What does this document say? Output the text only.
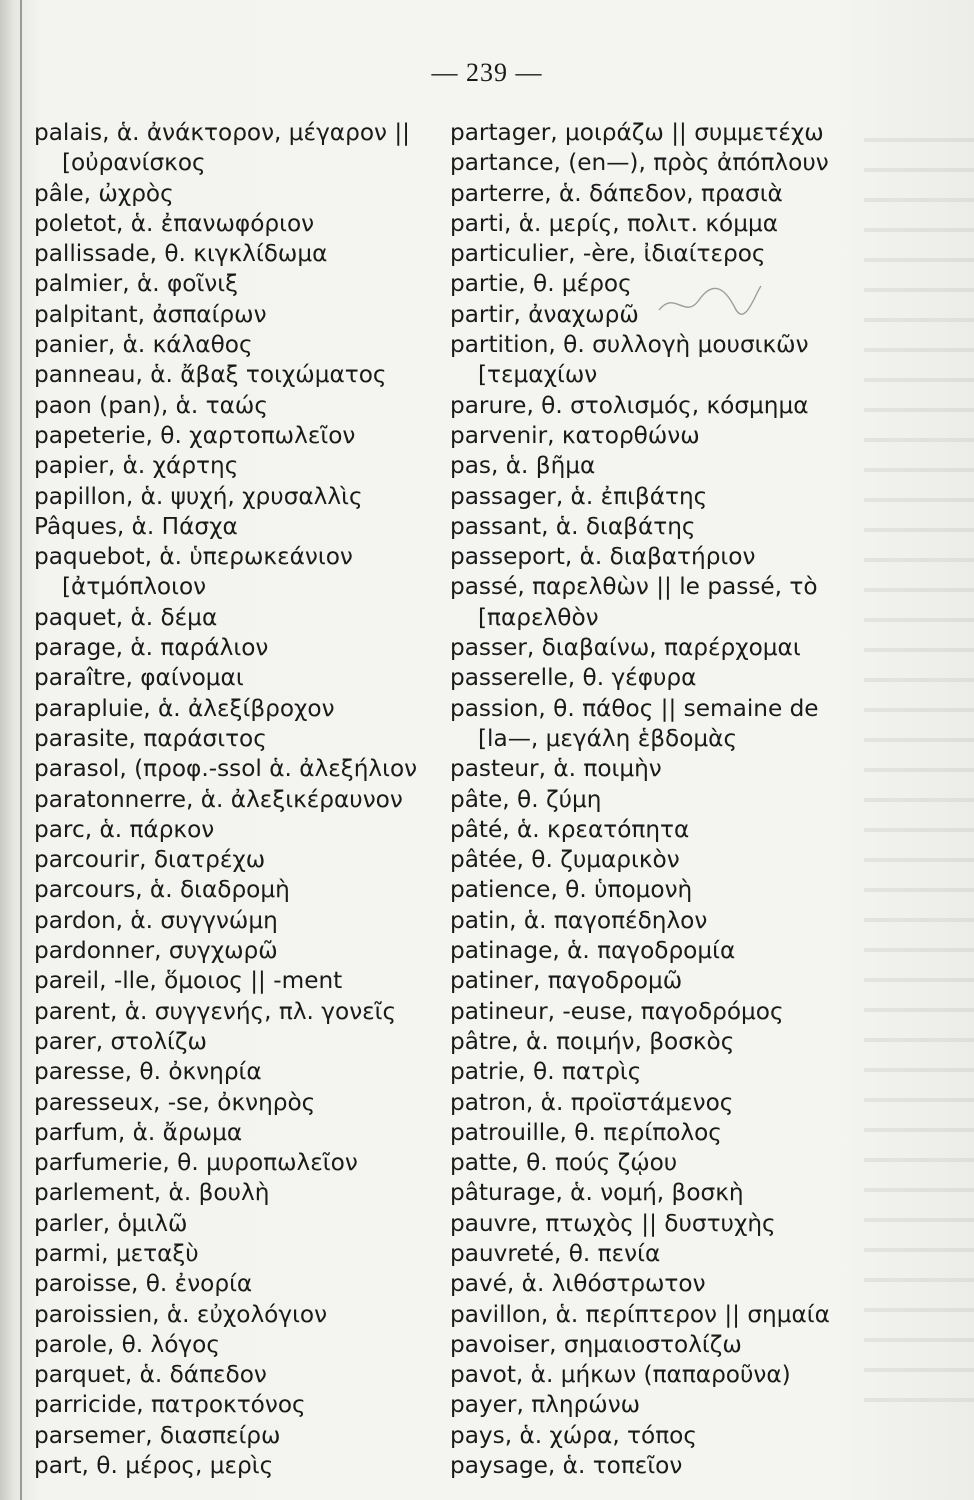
— 239 —
palais, ἁ. ἀνάκτορον, μέγαρον ||
[οὐρανίσκος
pâle, ὠχρὸς
poletot, ἁ. ἐπανωφόριον
pallissade, θ. κιγκλίδωμα
palmier, ἁ. φοῖνιξ
palpitant, ἀσπαίρων
panier, ἁ. κάλαθος
panneau, ἁ. ἄβαξ τοιχώματος
paon (pan), ἁ. ταώς
papeterie, θ. χαρτοπωλεῖον
papier, ἁ. χάρτης
papillon, ἁ. ψυχή, χρυσαλλὶς
Pâques, ἁ. Πάσχα
paquebot, ἁ. ὑπερωκεάνιον
[ἀτμόπλοιον
paquet, ἁ. δέμα
parage, ἁ. παράλιον
paraître, φαίνομαι
parapluie, ἁ. ἀλεξίβροχον
parasite, παράσιτος
parasol, (προφ.-ssol ἁ. ἀλεξήλιον
paratonnerre, ἁ. ἀλεξικέραυνον
parc, ἁ. πάρκον
parcourir, διατρέχω
parcours, ἁ. διαδρομὴ
pardon, ἁ. συγγνώμη
pardonner, συγχωρῶ
pareil, -lle, ὅμοιος || -ment
parent, ἁ. συγγενής, πλ. γονεῖς
parer, στολίζω
paresse, θ. ὀκνηρία
paresseux, -se, ὀκνηρὸς
parfum, ἁ. ἄρωμα
parfumerie, θ. μυροπωλεῖον
parlement, ἁ. βουλὴ
parler, ὁμιλῶ
parmi, μεταξὺ
paroisse, θ. ἐνορία
paroissien, ἁ. εὐχολόγιον
parole, θ. λόγος
parquet, ἁ. δάπεδον
parricide, πατροκτόνος
parsemer, διασπείρω
part, θ. μέρος, μερὶς
partager, μοιράζω || συμμετέχω
partance, (en—), πρὸς ἀπόπλουν
parterre, ἁ. δάπεδον, πρασιὰ
parti, ἁ. μερίς, πολιτ. κόμμα
particulier, -ère, ἰδιαίτερος
partie, θ. μέρος
partir, ἀναχωρῶ
partition, θ. συλλογὴ μουσικῶν
[τεμαχίων
parure, θ. στολισμός, κόσμημα
parvenir, κατορθώνω
pas, ἁ. βῆμα
passager, ἁ. ἐπιβάτης
passant, ἁ. διαβάτης
passeport, ἁ. διαβατήριον
passé, παρελθὼν || le passé, τὸ
[παρελθὸν
passer, διαβαίνω, παρέρχομαι
passerelle, θ. γέφυρα
passion, θ. πάθος || semaine de
[la—, μεγάλη ἑβδομὰς
pasteur, ἁ. ποιμὴν
pâte, θ. ζύμη
pâté, ἁ. κρεατόπητα
pâtée, θ. ζυμαρικὸν
patience, θ. ὑπομονὴ
patin, ἁ. παγοπέδηλον
patinage, ἁ. παγοδρομία
patiner, παγοδρομῶ
patineur, -euse, παγοδρόμος
pâtre, ἁ. ποιμήν, βοσκὸς
patrie, θ. πατρὶς
patron, ἁ. προϊστάμενος
patrouille, θ. περίπολος
patte, θ. πούς ζῴου
pâturage, ἁ. νομή, βοσκὴ
pauvre, πτωχὸς || δυστυχὴς
pauvreté, θ. πενία
pavé, ἁ. λιθόστρωτον
pavillon, ἁ. περίπτερον || σημαία
pavoiser, σημαιοστολίζω
pavot, ἁ. μήκων (παπαροῦνα)
payer, πληρώνω
pays, ἁ. χώρα, τόπος
paysage, ἁ. τοπεῖον
